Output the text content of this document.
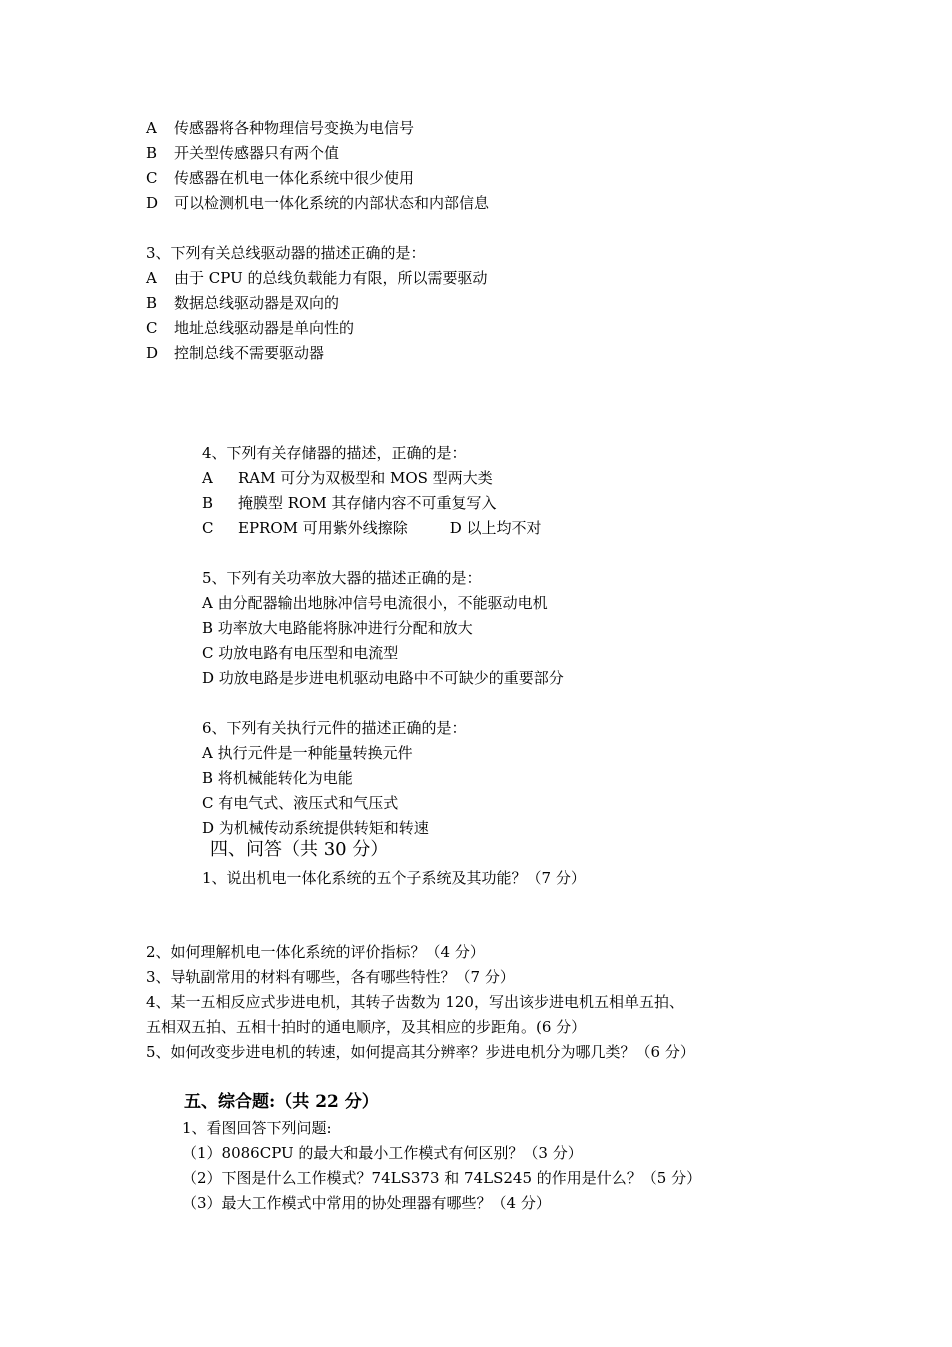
A 传感器将各种物理信号变换为电信号
B 开关型传感器只有两个值
C 传感器在机电一体化系统中很少使用
D 可以检测机电一体化系统的内部状态和内部信息
3、下列有关总线驱动器的描述正确的是：
A 由于 CPU 的总线负载能力有限，所以需要驱动
B 数据总线驱动器是双向的
C 地址总线驱动器是单向性的
D 控制总线不需要驱动器
4、下列有关存储器的描述，正确的是：
A RAM 可分为双极型和 MOS 型两大类
B 掩膜型 ROM 其存储内容不可重复写入
C EPROM 可用紫外线擦除	D 以上均不对
5、下列有关功率放大器的描述正确的是：
A 由分配器输出地脉冲信号电流很小，不能驱动电机
B 功率放大电路能将脉冲进行分配和放大
C 功放电路有电压型和电流型
D 功放电路是步进电机驱动电路中不可缺少的重要部分
6、下列有关执行元件的描述正确的是：
A 执行元件是一种能量转换元件
B 将机械能转化为电能
C 有电气式、液压式和气压式
D 为机械传动系统提供转矩和转速
四、问答（共 30 分）
1、说出机电一体化系统的五个子系统及其功能？（7 分）
2、如何理解机电一体化系统的评价指标？（4 分）
3、导轨副常用的材料有哪些，各有哪些特性？（7 分）
4、某一五相反应式步进电机，其转子齿数为 120，写出该步进电机五相单五拍、
五相双五拍、五相十拍时的通电顺序，及其相应的步距角。(6 分）
5、如何改变步进电机的转速，如何提高其分辨率？步进电机分为哪几类？（6 分）
五、综合题:（共 22 分）
1、看图回答下列问题:
（1）8086CPU 的最大和最小工作模式有何区别？（3 分）
（2）下图是什么工作模式？74LS373 和 74LS245 的作用是什么？（5 分）
（3）最大工作模式中常用的协处理器有哪些？（4 分）
